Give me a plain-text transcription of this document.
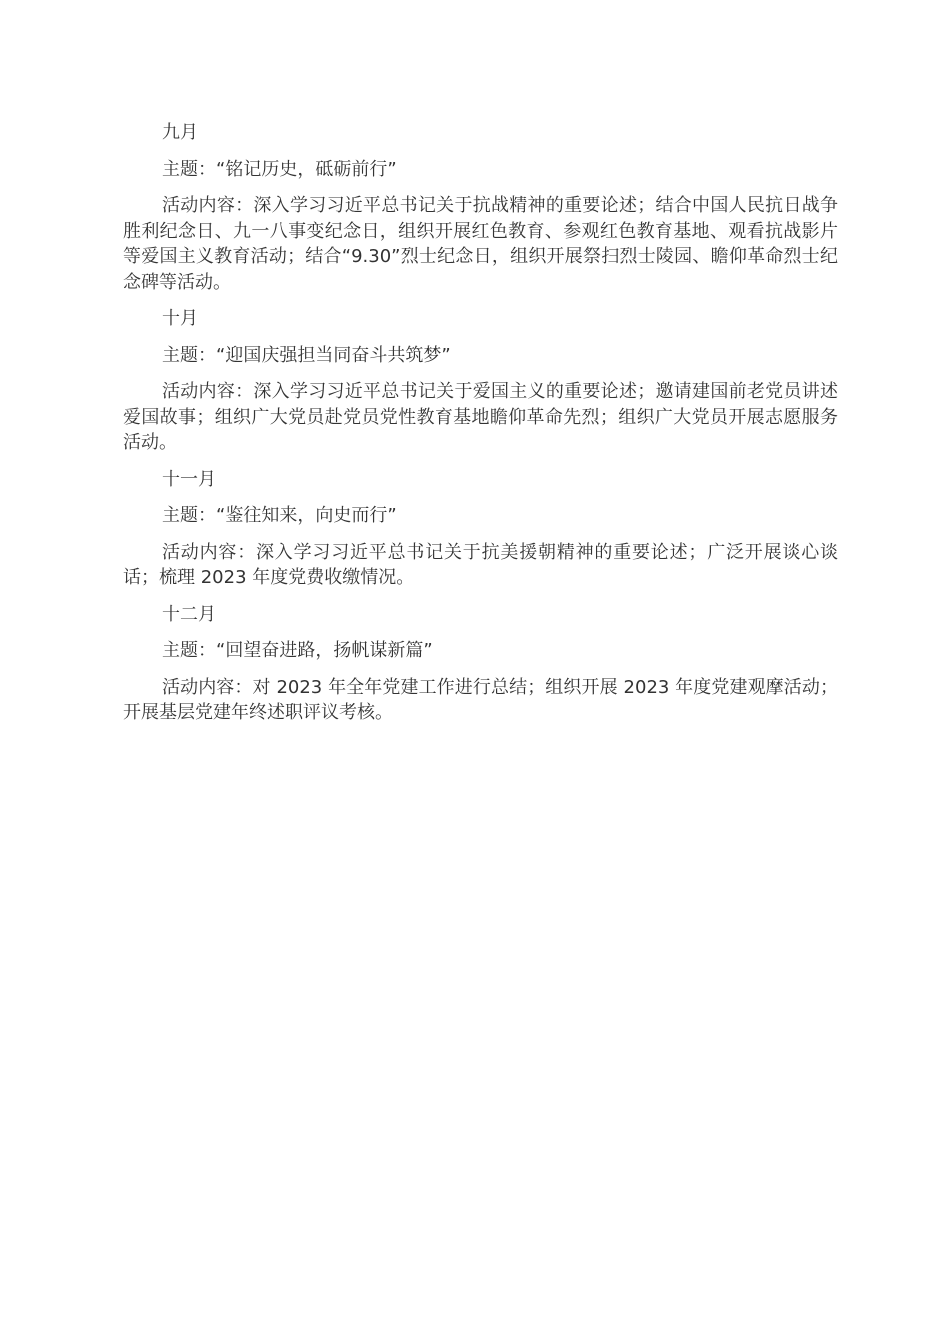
九月

主题：“铭记历史，砥砺前行”

活动内容：深入学习习近平总书记关于抗战精神的重要论述；结合中国人民抗日战争胜利纪念日、九一八事变纪念日，组织开展红色教育、参观红色教育基地、观看抗战影片等爱国主义教育活动；结合“9.30”烈士纪念日，组织开展祭扫烈士陵园、瞻仰革命烈士纪念碑等活动。

十月

主题：“迎国庆强担当同奋斗共筑梦”

活动内容：深入学习习近平总书记关于爱国主义的重要论述；邀请建国前老党员讲述爱国故事；组织广大党员赴党员党性教育基地瞻仰革命先烈；组织广大党员开展志愿服务活动。

十一月

主题：“鉴往知来，向史而行”

活动内容：深入学习习近平总书记关于抗美援朝精神的重要论述；广泛开展谈心谈话；梳理 2023 年度党费收缴情况。

十二月

主题：“回望奋进路，扬帆谋新篇”

活动内容：对 2023 年全年党建工作进行总结；组织开展 2023 年度党建观摩活动；开展基层党建年终述职评议考核。
